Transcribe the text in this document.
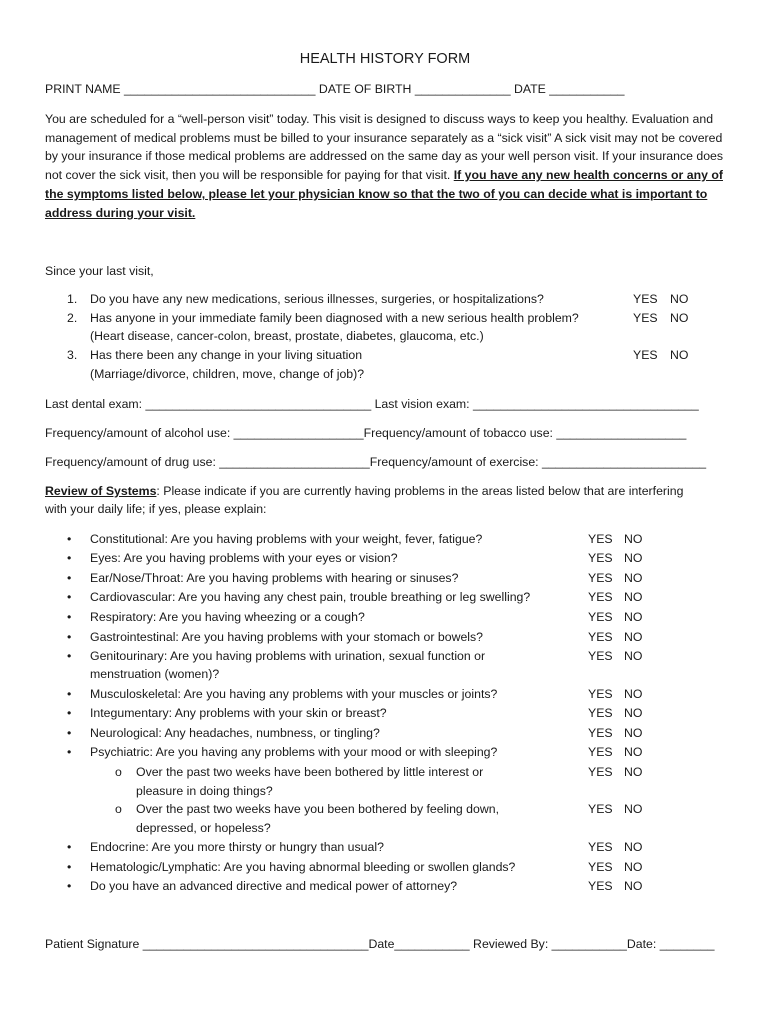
HEALTH HISTORY FORM
PRINT NAME ____________________________ DATE OF BIRTH ______________ DATE ___________
You are scheduled for a “well-person visit” today. This visit is designed to discuss ways to keep you healthy. Evaluation and management of medical problems must be billed to your insurance separately as a “sick visit” A sick visit may not be covered by your insurance if those medical problems are addressed on the same day as your well person visit. If your insurance does not cover the sick visit, then you will be responsible for paying for that visit. If you have any new health concerns or any of the symptoms listed below, please let your physician know so that the two of you can decide what is important to address during your visit.
Since your last visit,
1. Do you have any new medications, serious illnesses, surgeries, or hospitalizations?	YES NO
2. Has anyone in your immediate family been diagnosed with a new serious health problem?
(Heart disease, cancer-colon, breast, prostate, diabetes, glaucoma, etc.)
YES NO
3. Has there been any change in your living situation
(Marriage/divorce, children, move, change of job)?
YES NO
Last dental exam: _________________________________ Last vision exam: _________________________________
Frequency/amount of alcohol use: ___________________Frequency/amount of tobacco use: ___________________
Frequency/amount of drug use: ______________________Frequency/amount of exercise: ________________________
Review of Systems: Please indicate if you are currently having problems in the areas listed below that are interfering
with your daily life; if yes, please explain:
• Constitutional: Are you having problems with your weight, fever, fatigue?	YES NO
• Eyes: Are you having problems with your eyes or vision?	YES NO
• Ear/Nose/Throat: Are you having problems with hearing or sinuses?	YES NO
• Cardiovascular: Are you having any chest pain, trouble breathing or leg swelling?	YES NO
• Respiratory: Are you having wheezing or a cough?	YES NO
• Gastrointestinal: Are you having problems with your stomach or bowels?	YES NO
• Genitourinary: Are you having problems with urination, sexual function or
menstruation (women)?
YES NO
• Musculoskeletal: Are you having any problems with your muscles or joints?	YES NO
• Integumentary: Any problems with your skin or breast?	YES NO
• Neurological: Any headaches, numbness, or tingling?	YES NO
• Psychiatric: Are you having any problems with your mood or with sleeping?	YES NO
o Over the past two weeks have been bothered by little interest or
pleasure in doing things?
YES NO
o Over the past two weeks have you been bothered by feeling down,
depressed, or hopeless?
YES NO
• Endocrine: Are you more thirsty or hungry than usual?	YES NO
• Hematologic/Lymphatic: Are you having abnormal bleeding or swollen glands?	YES NO
• Do you have an advanced directive and medical power of attorney?	YES NO
Patient Signature _________________________________Date___________ Reviewed By: ___________Date: ________
